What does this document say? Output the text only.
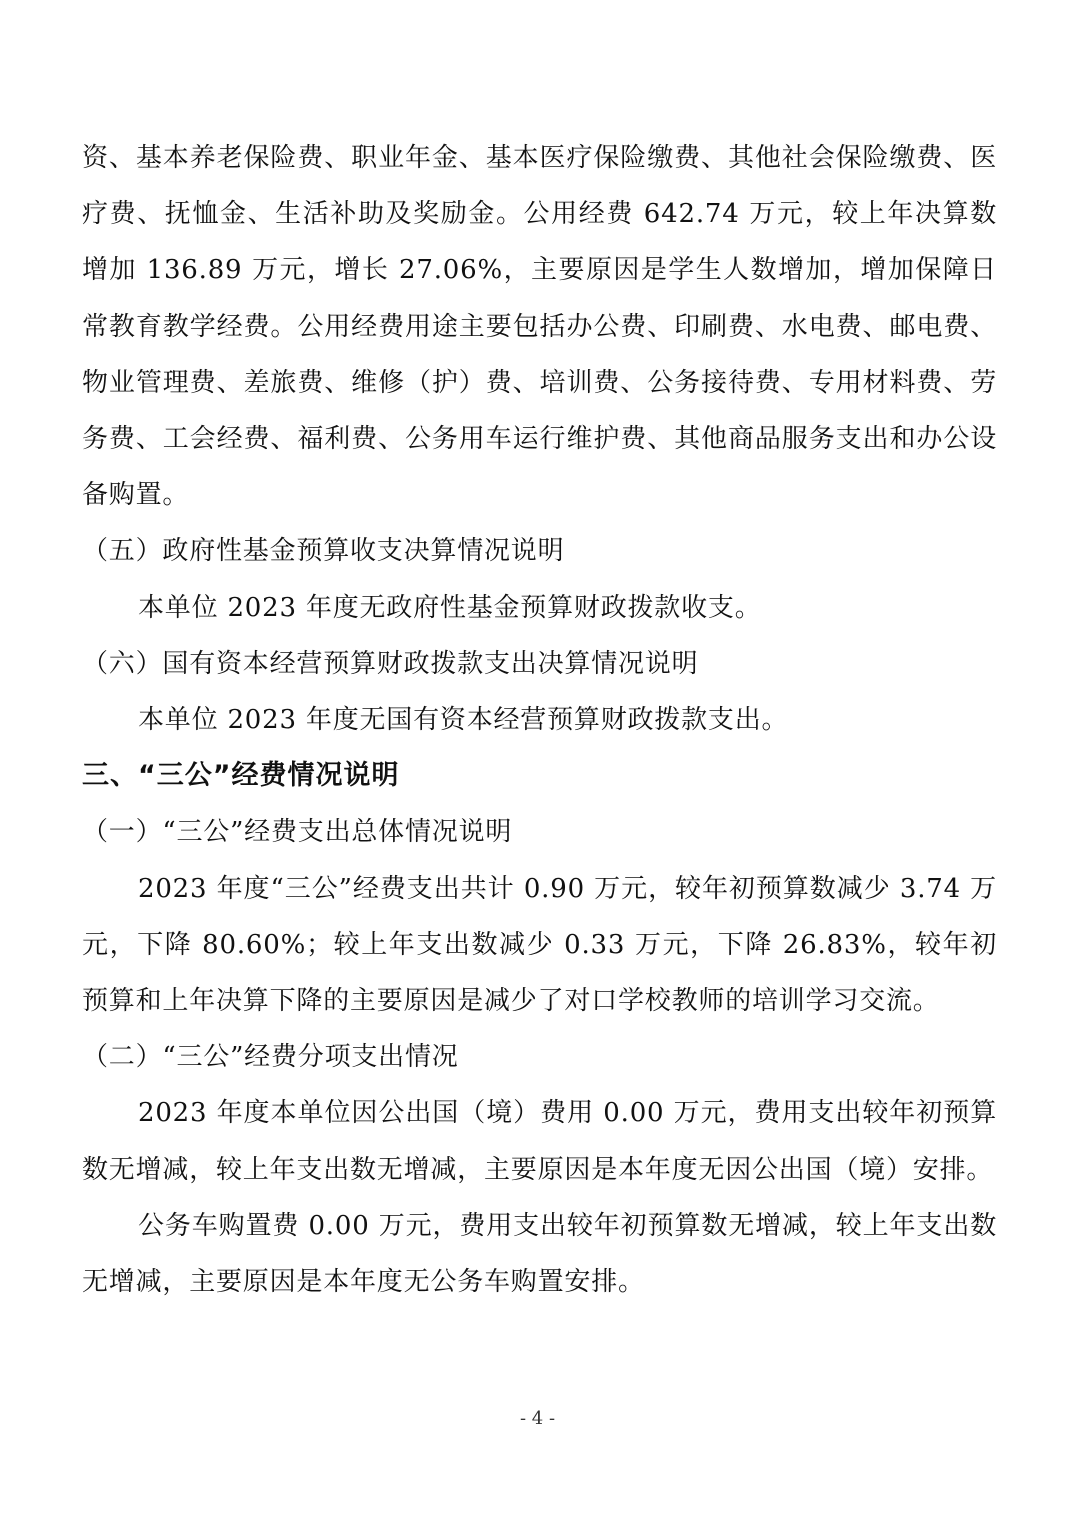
资、基本养老保险费、职业年金、基本医疗保险缴费、其他社会保险缴费、医疗费、抚恤金、生活补助及奖励金。公用经费 642.74 万元，较上年决算数增加 136.89 万元，增长 27.06%，主要原因是学生人数增加，增加保障日常教育教学经费。公用经费用途主要包括办公费、印刷费、水电费、邮电费、物业管理费、差旅费、维修（护）费、培训费、公务接待费、专用材料费、劳务费、工会经费、福利费、公务用车运行维护费、其他商品服务支出和办公设备购置。

（五）政府性基金预算收支决算情况说明

本单位 2023 年度无政府性基金预算财政拨款收支。

（六）国有资本经营预算财政拨款支出决算情况说明

本单位 2023 年度无国有资本经营预算财政拨款支出。

三、“三公”经费情况说明

（一）“三公”经费支出总体情况说明

2023 年度“三公”经费支出共计 0.90 万元，较年初预算数减少 3.74 万元，下降 80.60%；较上年支出数减少 0.33 万元，下降 26.83%，较年初预算和上年决算下降的主要原因是减少了对口学校教师的培训学习交流。

（二）“三公”经费分项支出情况

2023 年度本单位因公出国（境）费用 0.00 万元，费用支出较年初预算数无增减，较上年支出数无增减，主要原因是本年度无因公出国（境）安排。

公务车购置费 0.00 万元，费用支出较年初预算数无增减，较上年支出数无增减，主要原因是本年度无公务车购置安排。

- 4 -
